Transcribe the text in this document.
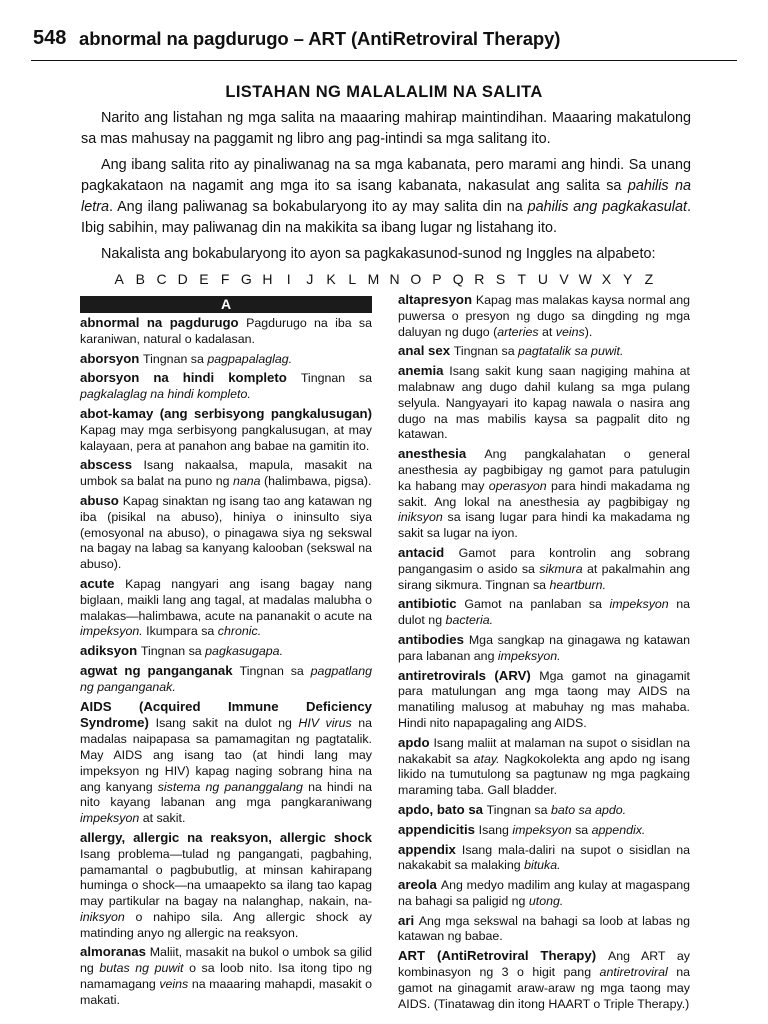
548 abnormal na pagdurugo – ART (AntiRetroviral Therapy)
LISTAHAN NG MALALALIM NA SALITA

Narito ang listahan ng mga salita na maaaring mahirap maintindihan. Maaaring makatulong sa mas mahusay na paggamit ng libro ang pag-intindi sa mga salitang ito.

Ang ibang salita rito ay pinaliwanag na sa mga kabanata, pero marami ang hindi. Sa unang pagkakataon na nagamit ang mga ito sa isang kabanata, nakasulat ang salita sa pahilis na letra. Ang ilang paliwanag sa bokabularyong ito ay may salita din na pahilis ang pagkakasulat. Ibig sabihin, may paliwanag din na makikita sa ibang lugar ng listahang ito.

Nakalista ang bokabularyong ito ayon sa pagkakasunod-sunod ng Inggles na alpabeto:

A B C D E F G H	I	J K L M N O P Q R S T U V W X Y Z
A

abnormal na pagdurugo Pagdurugo na iba sa karaniwan, natural o kadalasan.

aborsyon Tingnan sa pagpapalaglag.

aborsyon na hindi kompleto Tingnan sapagkalaglag na hindi kompleto.

abot-kamay (ang serbisyong pangkalusugan)Kapag may mga serbisyong pangkalusugan, at may kalayaan, pera at panahon ang babae na gamitin ito.

abscess Isang nakaalsa, mapula, masakit na umbok sa balat na puno ng nana (halimbawa, pigsa).

abuso Kapag sinaktan ng isang tao ang katawan ng iba (pisikal na abuso), hiniya o ininsulto siya (emosyonal na abuso), o pinagawa siya ng sekswal na bagay na labag sa kanyang kalooban (sekswal na abuso).

acute Kapag nangyari ang isang bagay nang biglaan, maikli lang ang tagal, at madalas malubha o malakas—halimbawa, acute na pananakit o acute naimpeksyon. Ikumpara sa chronic.

adiksyon Tingnan sa pagkasugapa.

agwat ng panganganak Tingnan sa pagpatlang ng panganganak.

AIDS (Acquired Immune Deficiency Syndrome) Isang sakit na dulot ng HIV virus na madalas naipapasa sa pamamagitan ng pagtatalik. May AIDS ang isang tao (at hindi lang may impeksyon ng HIV) kapag naging sobrang hina na ang kanyang sistema ng pananggalang na hindi na nito kayang labanan ang mga pangkaraniwangimpeksyon at sakit.

allergy, allergic na reaksyon, allergic shockIsang problema—tulad ng pangangati, pagbahing, pamamantal o pagbubutlig, at minsan kahirapang huminga o shock—na umaapekto sa ilang tao kapag may partikular na bagay na nalanghap, nakain, na-iniksyon o nahipo sila. Ang allergic shock ay matinding anyo ng allergic na reaksyon.

almoranas Maliit, masakit na bukol o umbok sa gilid ng butas ng puwit o sa loob nito. Isa itong tipo ng namamagang veins na maaaring mahapdi, masakit o makati.

altapresyon Kapag mas malakas kaysa normal ang puwersa o presyon ng dugo sa dingding ng mga daluyan ng dugo (arteries at veins).

anal sex Tingnan sa pagtatalik sa puwit.

anemia Isang sakit kung saan nagiging mahina at malabnaw ang dugo dahil kulang sa mga pulang selyula. Nangyayari ito kapag nawala o nasira ang dugo na mas mabilis kaysa sa pagpalit dito ng katawan.

anesthesia Ang pangkalahatan o general anesthesia ay pagbibigay ng gamot para patulugin ka habang may operasyon para hindi makadama ng sakit. Ang lokal na anesthesia ay pagbibigay nginiksyon sa isang lugar para hindi ka makadama ng sakit sa lugar na iyon.

antacid Gamot para kontrolin ang sobrang pangangasim o asido sa sikmura at pakalmahin ang sirang sikmura. Tingnan sa heartburn.

antibiotic Gamot na panlaban sa impeksyon na dulot ng bacteria.

antibodies Mga sangkap na ginagawa ng katawan para labanan ang impeksyon.

antiretrovirals (ARV) Mga gamot na ginagamit para matulungan ang mga taong may AIDS na manatiling malusog at mabuhay ng mas mahaba. Hindi nito napapagaling ang AIDS.

apdo Isang maliit at malaman na supot o sisidlan na nakakabit sa atay. Nagkokolekta ang apdo ng isang likido na tumutulong sa pagtunaw ng mga pagkaing maraming taba. Gall bladder.

apdo, bato sa Tingnan sa bato sa apdo.

appendicitis Isang impeksyon sa appendix.

appendix Isang mala-daliri na supot o sisidlan na nakakabit sa malaking bituka.

areola Ang medyo madilim ang kulay at magaspang na bahagi sa paligid ng utong.

ari Ang mga sekswal na bahagi sa loob at labas ng katawan ng babae.

ART (AntiRetroviral Therapy) Ang ART ay kombinasyon ng 3 o higit pang antiretroviral na gamot na ginagamit araw-araw ng mga taong may AIDS. (Tinatawag din itong HAART o Triple Therapy.)
